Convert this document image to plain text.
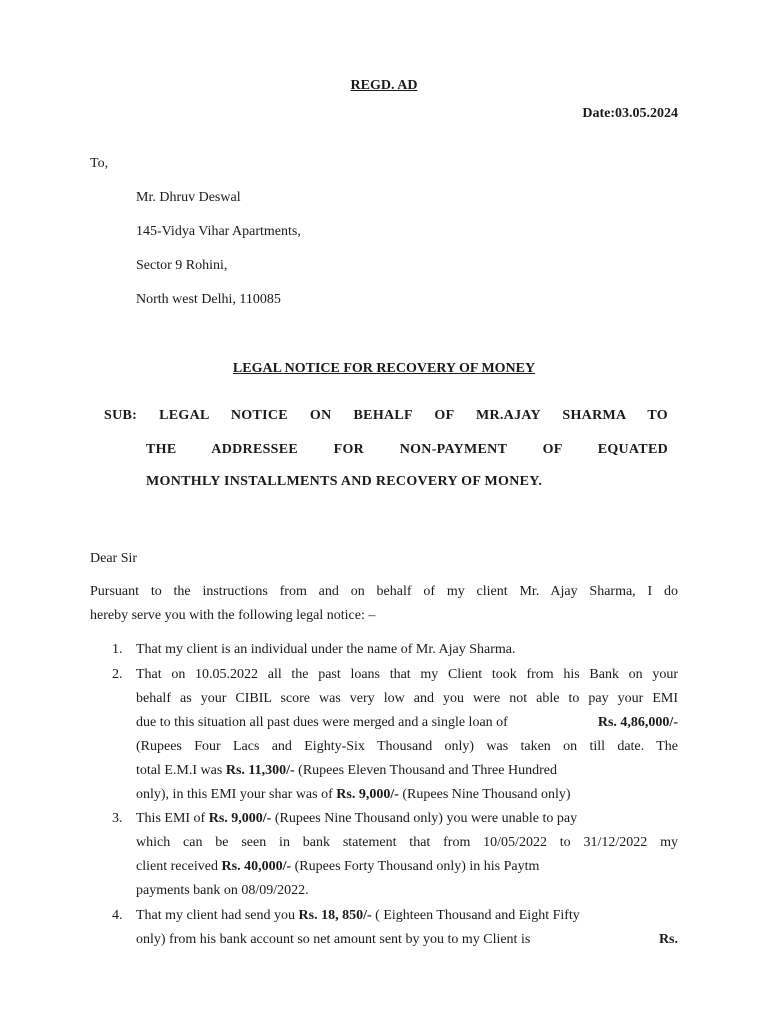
REGD. AD
Date:03.05.2024
To,
Mr. Dhruv Deswal
145-Vidya Vihar Apartments,
Sector 9 Rohini,
North west Delhi, 110085
LEGAL NOTICE FOR RECOVERY OF MONEY
SUB: LEGAL NOTICE ON BEHALF OF MR.AJAY SHARMA TO
THE ADDRESSEE FOR NON-PAYMENT OF EQUATED
MONTHLY INSTALLMENTS AND RECOVERY OF MONEY.
Dear Sir
Pursuant to the instructions from and on behalf of my client Mr. Ajay Sharma, I do
hereby serve you with the following legal notice: –
1. That my client is an individual under the name of Mr. Ajay Sharma.
2. That on 10.05.2022 all the past loans that my Client took from his Bank on your
behalf as your CIBIL score was very low and you were not able to pay your EMI
due to this situation all past dues were merged and a single loan of	Rs. 4,86,000/-
(Rupees Four Lacs and Eighty-Six Thousand only) was taken on till date. The
total E.M.I was Rs. 11,300/- (Rupees Eleven Thousand and Three Hundred
only), in this EMI your shar was of Rs. 9,000/- (Rupees Nine Thousand only)
3. This EMI of Rs. 9,000/- (Rupees Nine Thousand only) you were unable to pay
which can be seen in bank statement that from 10/05/2022 to 31/12/2022 my
client received Rs. 40,000/- (Rupees Forty Thousand only) in his Paytm
payments bank on 08/09/2022.
4. That my client had send you Rs. 18, 850/- ( Eighteen Thousand and Eight Fifty
only) from his bank account so net amount sent by you to my Client is	Rs.
